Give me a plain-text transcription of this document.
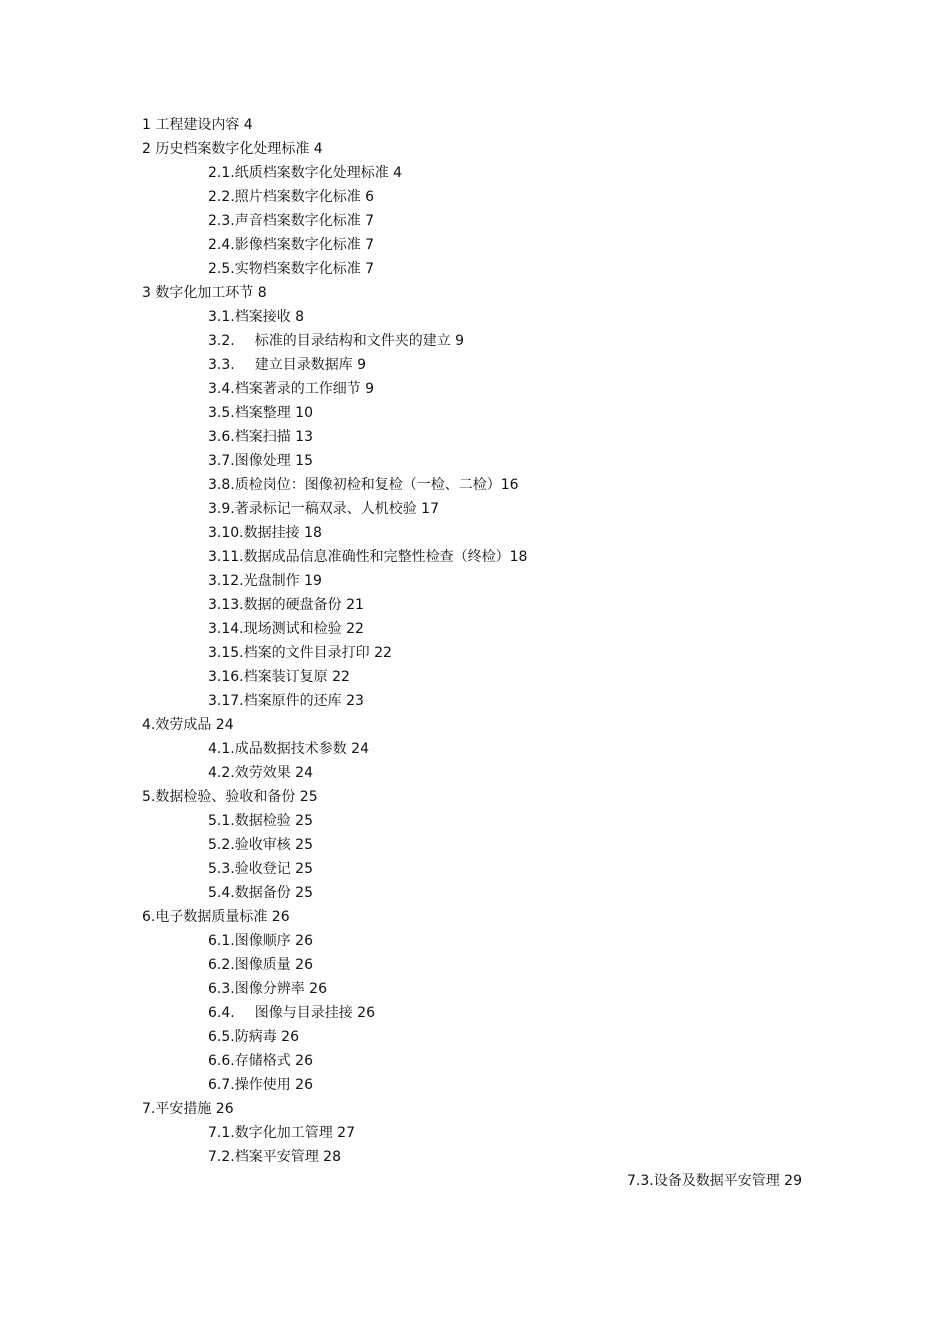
1 工程建设内容 4
2 历史档案数字化处理标准 4
2.1.纸质档案数字化处理标准 4
2.2.照片档案数字化标准 6
2.3.声音档案数字化标准 7
2.4.影像档案数字化标准 7
2.5.实物档案数字化标准 7
3 数字化加工环节 8
3.1.档案接收 8
3.2. 标准的目录结构和文件夹的建立 9
3.3. 建立目录数据库 9
3.4.档案著录的工作细节 9
3.5.档案整理 10
3.6.档案扫描 13
3.7.图像处理 15
3.8.质检岗位：图像初检和复检（一检、二检）16
3.9.著录标记一稿双录、人机校验 17
3.10.数据挂接 18
3.11.数据成品信息准确性和完整性检查（终检）18
3.12.光盘制作 19
3.13.数据的硬盘备份 21
3.14.现场测试和检验 22
3.15.档案的文件目录打印 22
3.16.档案装订复原 22
3.17.档案原件的还库 23
4.效劳成品 24
4.1.成品数据技术参数 24
4.2.效劳效果 24
5.数据检验、验收和备份 25
5.1.数据检验 25
5.2.验收审核 25
5.3.验收登记 25
5.4.数据备份 25
6.电子数据质量标准 26
6.1.图像顺序 26
6.2.图像质量 26
6.3.图像分辨率 26
6.4. 图像与目录挂接 26
6.5.防病毒 26
6.6.存储格式 26
6.7.操作使用 26
7.平安措施 26
7.1.数字化加工管理 27
7.2.档案平安管理 28
7.3.设备及数据平安管理 29
